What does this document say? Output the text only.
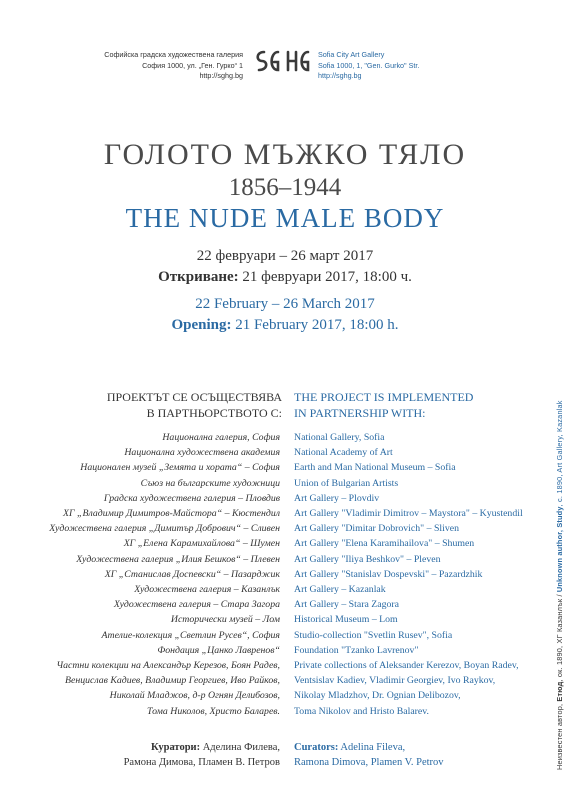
Софийска градска художествена галерия
София 1000, ул. „Ген. Гурко“ 1
http://sghg.bg
Sofia City Art Gallery
Sofia 1000, 1, "Gen. Gurko" Str.
http://sghg.bg
ГОЛОТО МЪЖКО ТЯЛО
1856–1944
THE NUDE MALE BODY
22 февруари – 26 март 2017
Откриване: 21 февруари 2017, 18:00 ч.
22 February – 26 March 2017
Opening: 21 February 2017, 18:00 h.
ПРОЕКТЪТ СЕ ОСЪЩЕСТВЯВА
В ПАРТНЬОРСТВОТО С:
THE PROJECT IS IMPLEMENTED
IN PARTNERSHIP WITH:
Национална галерия, София
Национална художествена академия
Национален музей „Земята и хората“ – София
Съюз на българските художници
Градска художествена галерия – Пловдив
ХГ „Владимир Димитров-Майстора“ – Кюстендил
Художествена галерия „Димитър Добрович“ – Сливен
ХГ „Елена Карамихайлова“ – Шумен
Художествена галерия „Илия Бешков“ – Плевен
ХГ „Станислав Доспевски“ – Пазарджик
Художествена галерия – Казанлък
Художествена галерия – Стара Загора
Исторически музей – Лом
Ателие-колекция „Светлин Русев“, София
Фондация „Цанко Лавренов“
Частни колекции на Александър Керезов, Боян Радев,
Венцислав Кадиев, Владимир Георгиев, Иво Райков,
Николай Младжов, д-р Огнян Делибозов,
Тома Николов, Христо Баларев.
National Gallery, Sofia
National Academy of Art
Earth and Man National Museum – Sofia
Union of Bulgarian Artists
Art Gallery – Plovdiv
Art Gallery "Vladimir Dimitrov – Maystora" – Kyustendil
Art Gallery "Dimitar Dobrovich" – Sliven
Art Gallery "Elena Karamihailova" – Shumen
Art Gallery "Iliya Beshkov" – Pleven
Art Gallery "Stanislav Dospevski" – Pazardzhik
Art Gallery – Kazanlak
Art Gallery – Stara Zagora
Historical Museum – Lom
Studio-collection "Svetlin Rusev", Sofia
Foundation "Tzanko Lavrenov"
Private collections of Aleksander Kerezov, Boyan Radev,
Ventsislav Kadiev, Vladimir Georgiev, Ivo Raykov,
Nikolay Mladzhov, Dr. Ognian Delibozov,
Toma Nikolov and Hristo Balarev.
Куратори: Аделина Филева,
Рамона Димова, Пламен В. Петров
Curators: Adelina Fileva,
Ramona Dimova, Plamen V. Petrov	Неизвестен автор, Етюд, ок. 1890, ХГ Казанлък / Unknown author, Study, c. 1890, Art Gallery, Kazanlak
